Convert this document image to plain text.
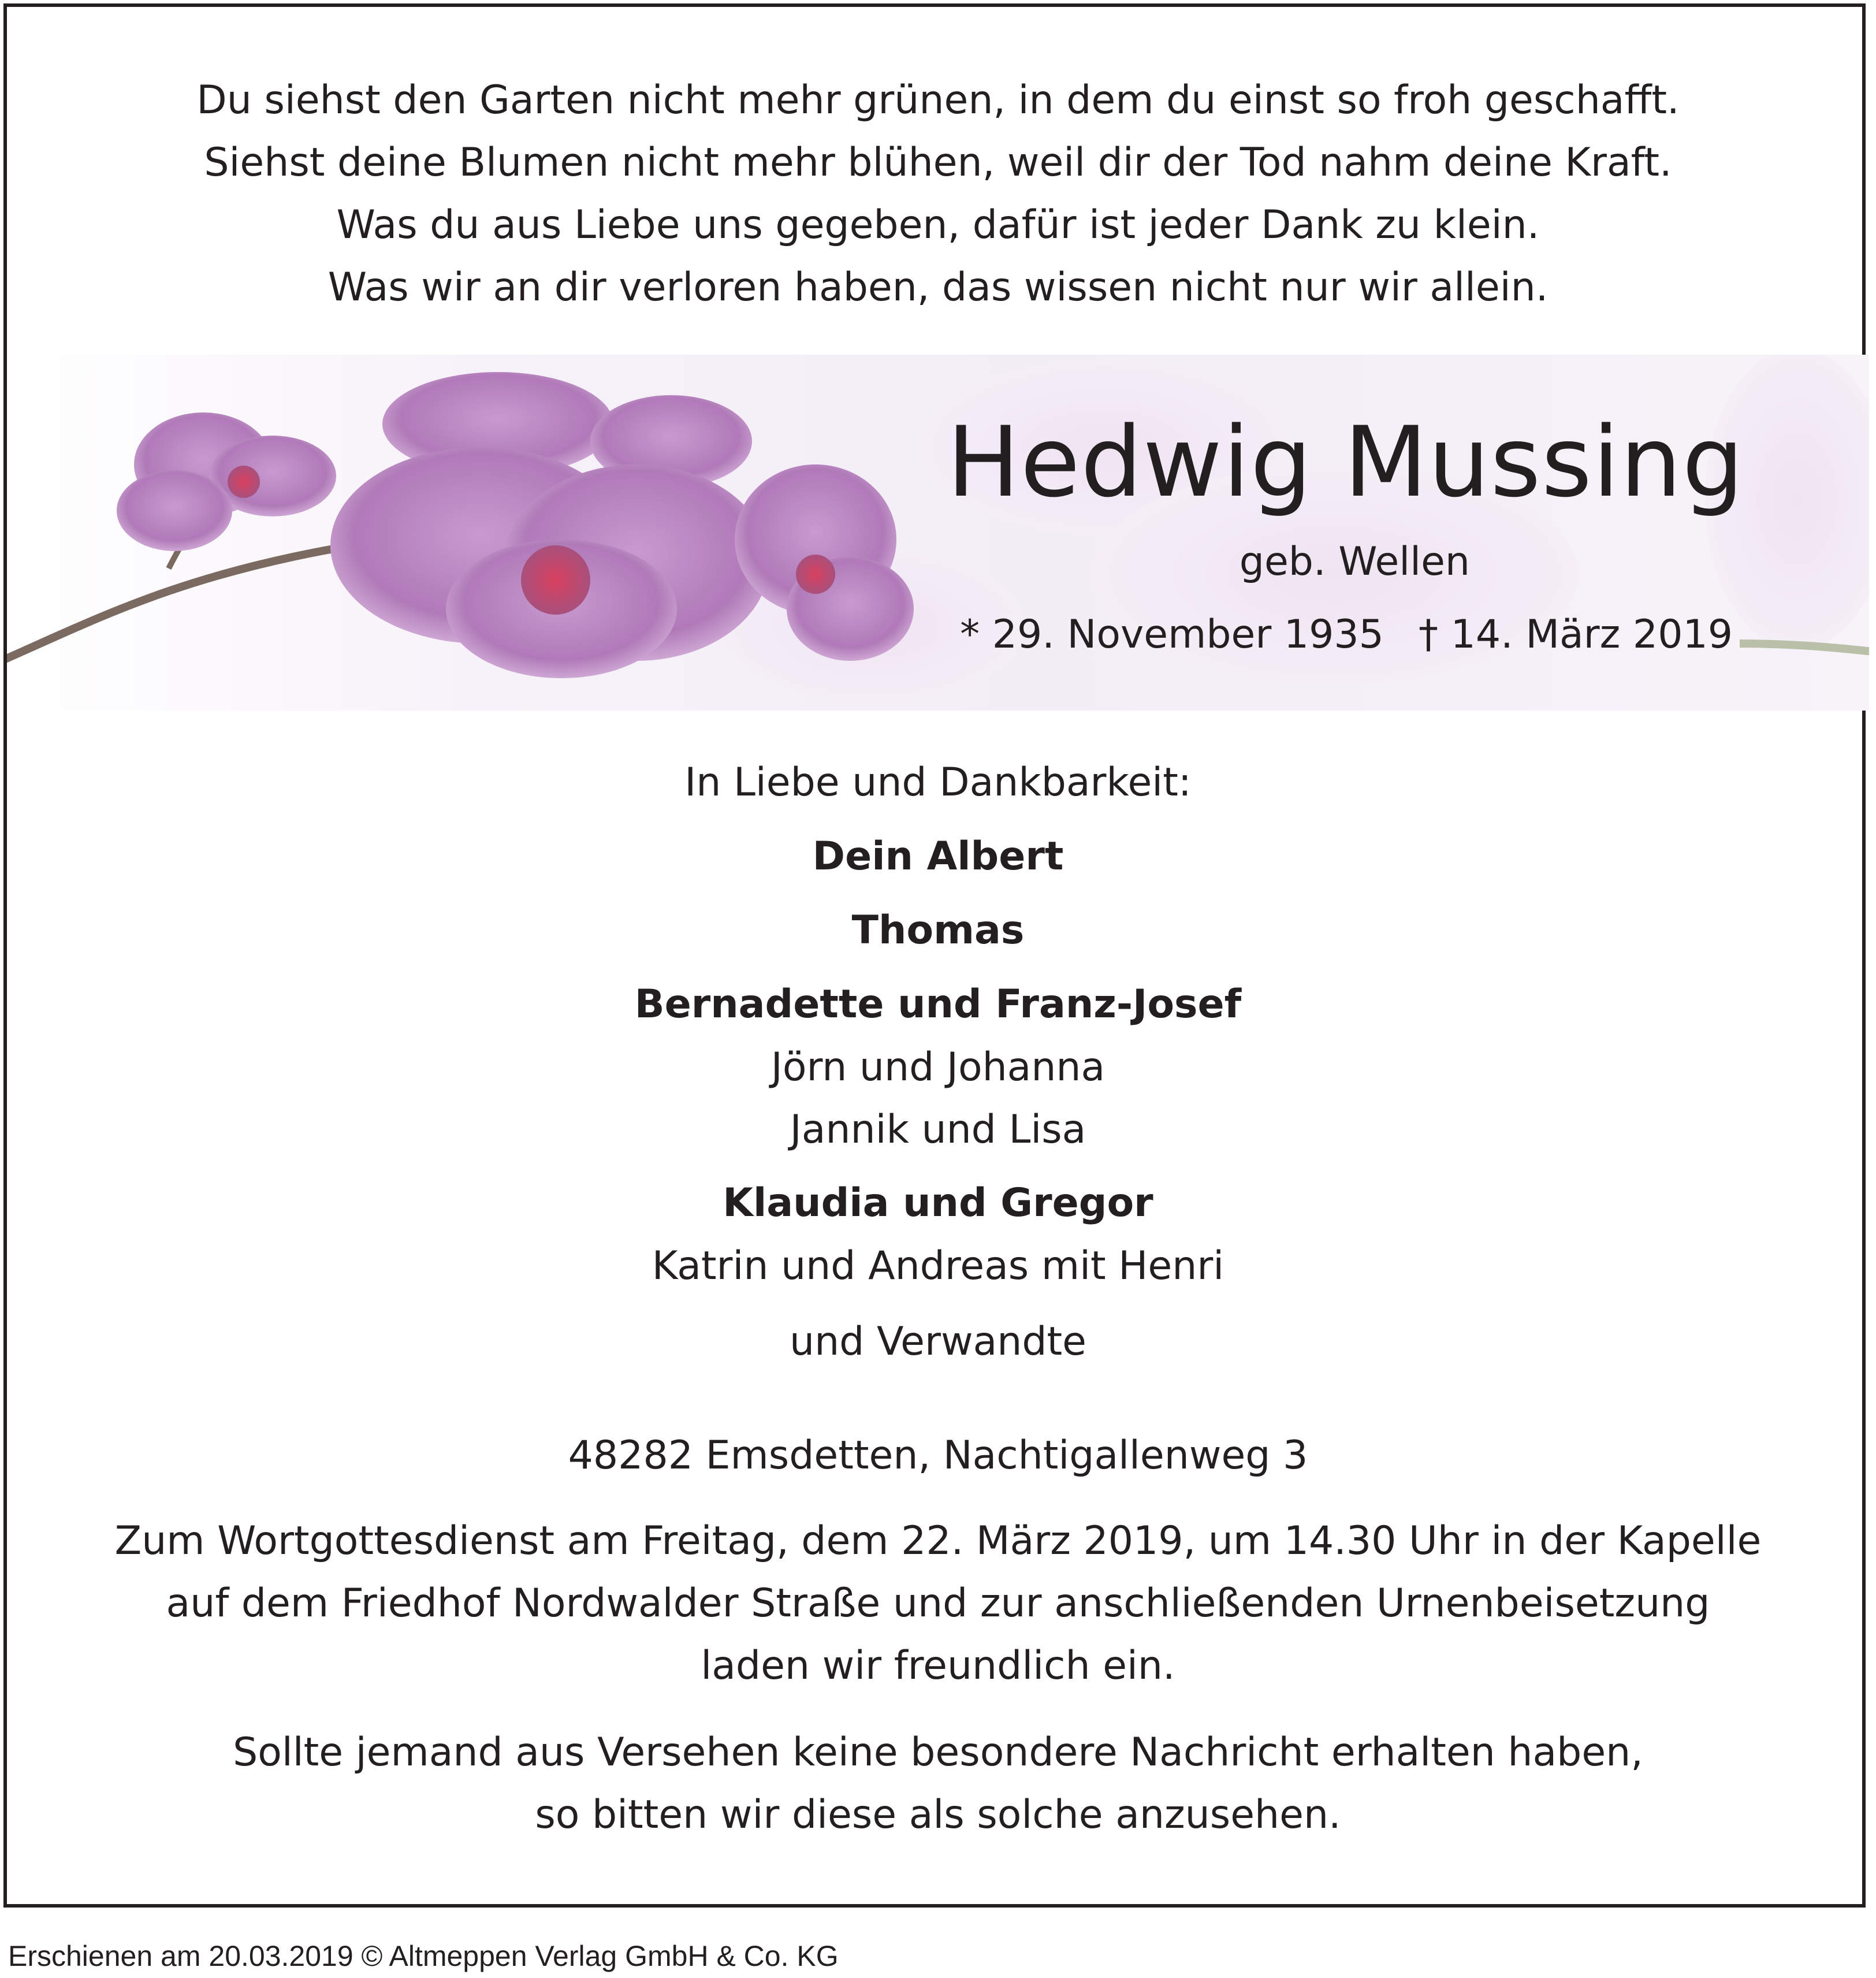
Du siehst den Garten nicht mehr grünen, in dem du einst so froh geschafft.
Siehst deine Blumen nicht mehr blühen, weil dir der Tod nahm deine Kraft.
Was du aus Liebe uns gegeben, dafür ist jeder Dank zu klein.
Was wir an dir verloren haben, das wissen nicht nur wir allein.
Hedwig Mussing
geb. Wellen
* 29. November 1935 † 14. März 2019
In Liebe und Dankbarkeit:
Dein Albert
Thomas
Bernadette und Franz-Josef
Jörn und Johanna
Jannik und Lisa
Klaudia und Gregor
Katrin und Andreas mit Henri
und Verwandte
48282 Emsdetten, Nachtigallenweg 3
Zum Wortgottesdienst am Freitag, dem 22. März 2019, um 14.30 Uhr in der Kapelle
auf dem Friedhof Nordwalder Straße und zur anschließenden Urnenbeisetzung
laden wir freundlich ein.
Sollte jemand aus Versehen keine besondere Nachricht erhalten haben,
so bitten wir diese als solche anzusehen.
Erschienen am 20.03.2019 © Altmeppen Verlag GmbH & Co. KG
